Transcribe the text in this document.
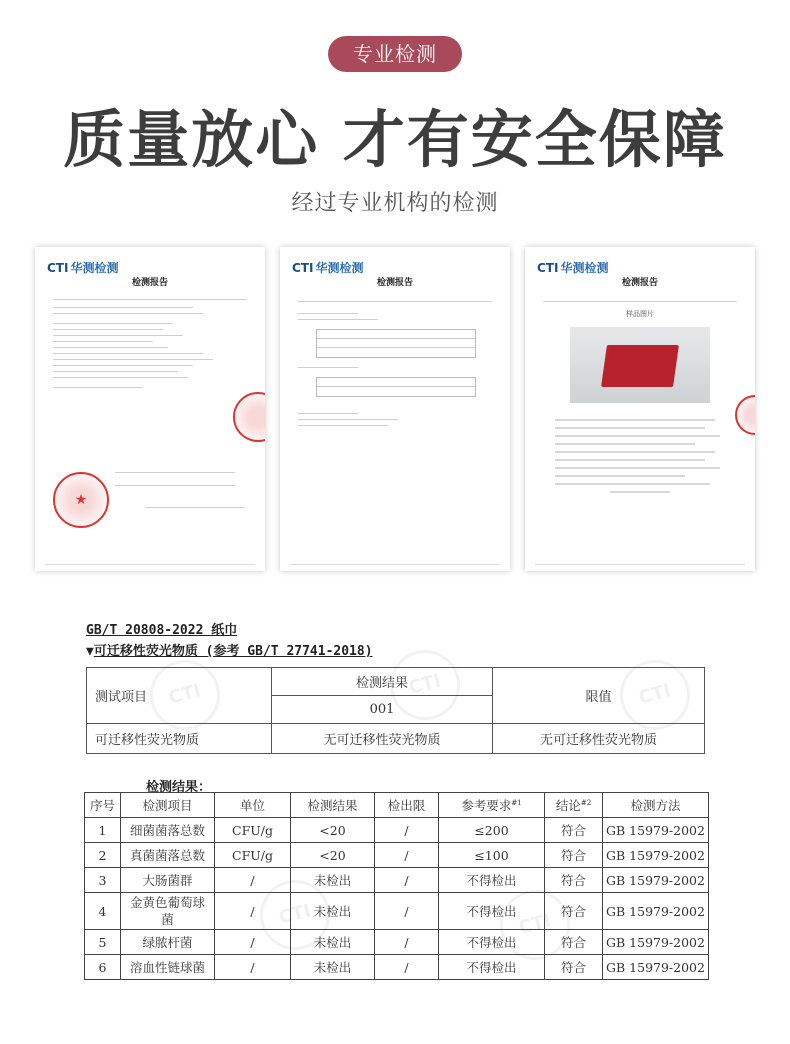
CTI	CTI	CTI
CTI	CTI
专业检测
质量放心 才有安全保障
经过专业机构的检测
CTI 华测检测
检测报告
★
CTI 华测检测
检测报告
CTI 华测检测
检测报告
样品图片
GB/T 20808-2022 纸巾
▼可迁移性荧光物质 (参考 GB/T 27741-2018)
测试项目	检测结果	限值
	001	
可迁移性荧光物质	无可迁移性荧光物质	无可迁移性荧光物质
检测结果：
序号	检测项目	单位	检测结果	检出限	参考要求$^{\#1}$	结论$^{\#2}$	检测方法
1	细菌菌落总数	CFU/g	<20	/	≤200	符合	GB 15979-2002
2	真菌菌落总数	CFU/g	<20	/	≤100	符合	GB 15979-2002
3	大肠菌群	/	未检出	/	不得检出	符合	GB 15979-2002
4	金黄色葡萄球菌	/	未检出	/	不得检出	符合	GB 15979-2002
5	绿脓杆菌	/	未检出	/	不得检出	符合	GB 15979-2002
6	溶血性链球菌	/	未检出	/	不得检出	符合	GB 15979-2002
